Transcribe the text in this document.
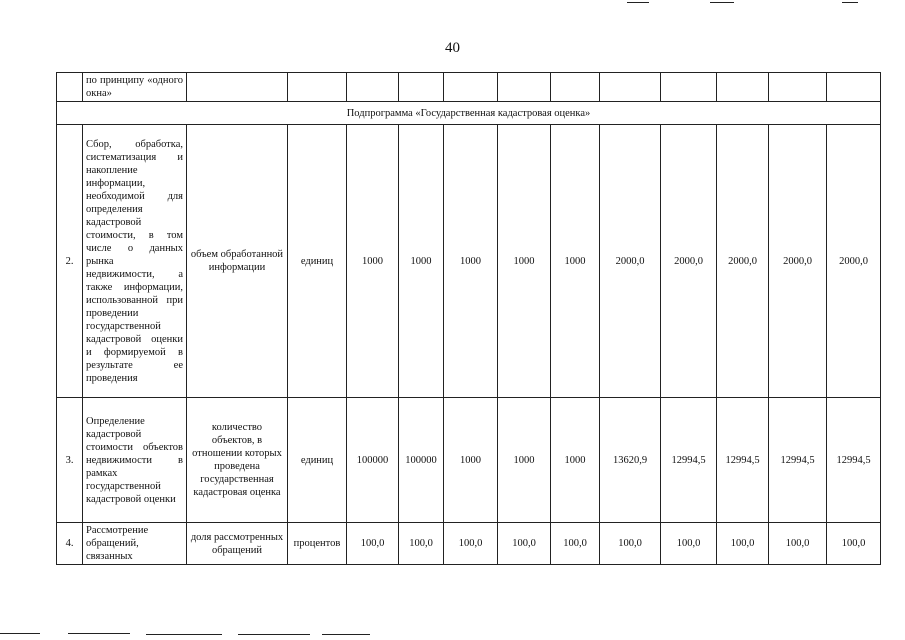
40
	по принципу «одного окна»												
Подпрограмма «Государственная кадастровая оценка»													
2.	Сбор, обработка, систематизация и накопление информации, необходимой для определения кадастровой стоимости, в том числе о данных рынка недвижимости, а также информации, использованной при проведении государственной кадастровой оценки и формируемой в результате ее проведения	объем обработанной информации	единиц	1000	1000	1000	1000	1000	2000,0	2000,0	2000,0	2000,0	2000,0
3.	Определение кадастровой стоимости объектов недвижимости в рамках государственной кадастровой оценки	количество объектов, в отношении которых проведена государственная кадастровая оценка	единиц	100000	100000	1000	1000	1000	13620,9	12994,5	12994,5	12994,5	12994,5
4.	Рассмотрение обращений, связанных	доля рассмотренных обращений	процентов	100,0	100,0	100,0	100,0	100,0	100,0	100,0	100,0	100,0	100,0
